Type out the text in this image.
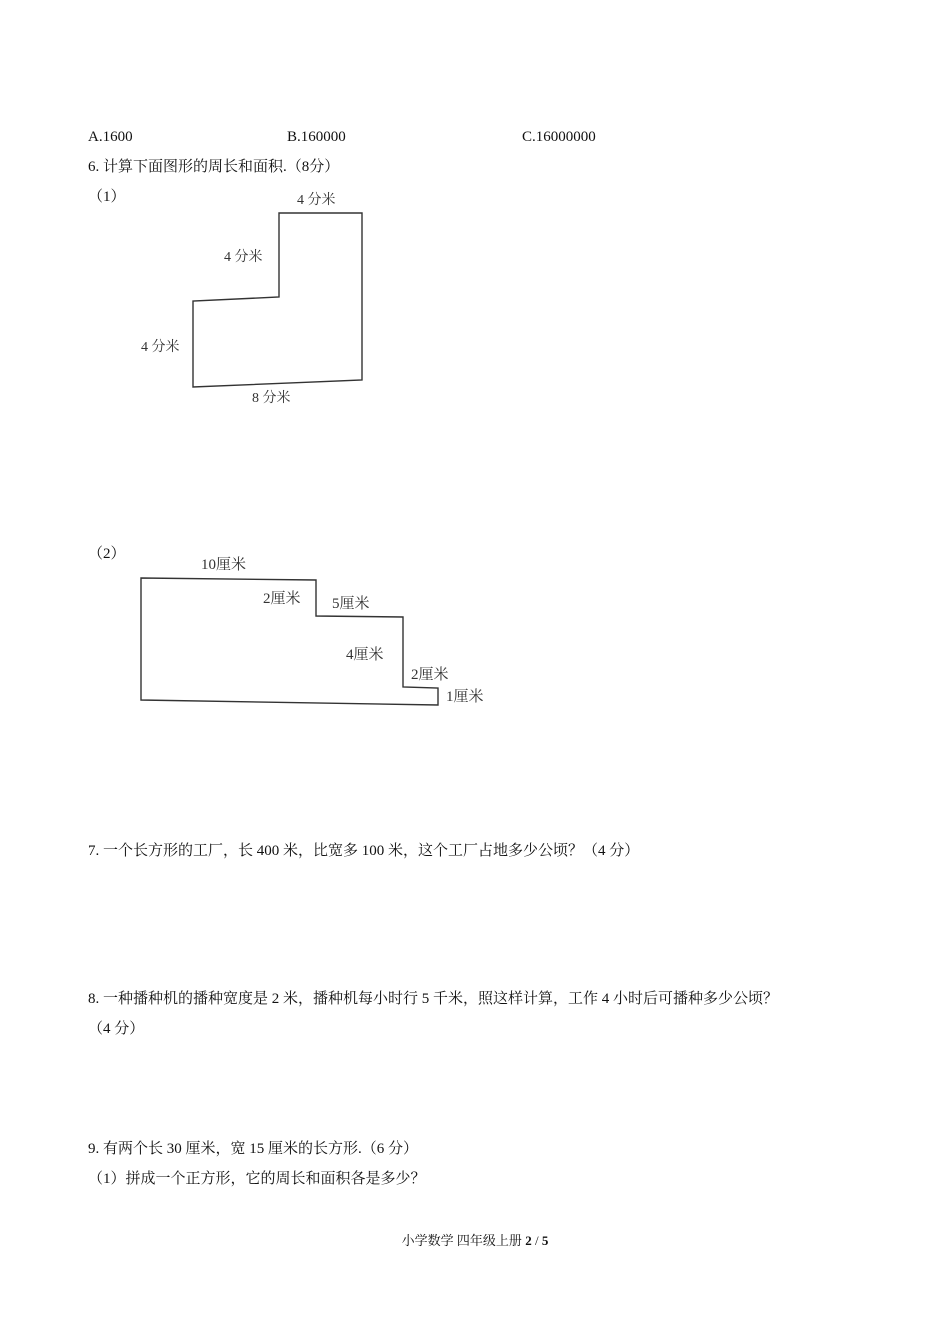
A.1600	B.160000	C.16000000
6. 计算下面图形的周长和面积.（8分）
（1）	4 分米
4 分米
4 分米
8 分米
（2）
10厘米
2厘米 5厘米
4厘米
2厘米
1厘米
7. 一个长方形的工厂，长 400 米，比宽多 100 米，这个工厂占地多少公顷？（4 分）
8. 一种播种机的播种宽度是 2 米，播种机每小时行 5 千米，照这样计算，工作 4 小时后可播种多少公顷？
（4 分）
9. 有两个长 30 厘米，宽 15 厘米的长方形.（6 分）
（1）拼成一个正方形，它的周长和面积各是多少？
小学数学 四年级上册 2 / 5
